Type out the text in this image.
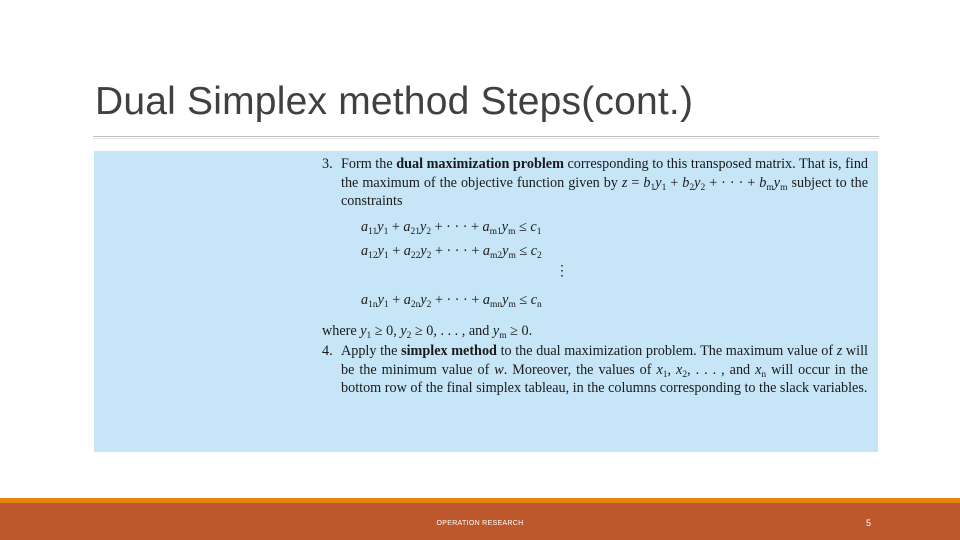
Dual Simplex method Steps(cont.)
3. Form the dual maximization problem corresponding to this transposed matrix. That is, find the maximum of the objective function given by $z = b_1y_1 + b_2y_2$ + · · · + $b_my_m$ subject to the constraints
$a_{11}y_1 + a_{21}y_2$ + · · · + $a_{m1}y_m \le c_1$
$a_{12}y_1 + a_{22}y_2$ + · · · + $a_{m2}y_m \le c_2$
⋮
$a_{1n}y_1 + a_{2n}y_2$ + · · · + $a_{mn}y_m \le c_n$
where $y_1 \ge 0$, $y_2 \ge 0$, . . . , and $y_m \ge 0$.
4. Apply the simplex method to the dual maximization problem. The maximum value of z will be the minimum value of w. Moreover, the values of $x_1$, $x_2$, . . . , and $x_n$ will occur in the bottom row of the final simplex tableau, in the columns corresponding to the slack variables.
OPERATION RESEARCH	5
